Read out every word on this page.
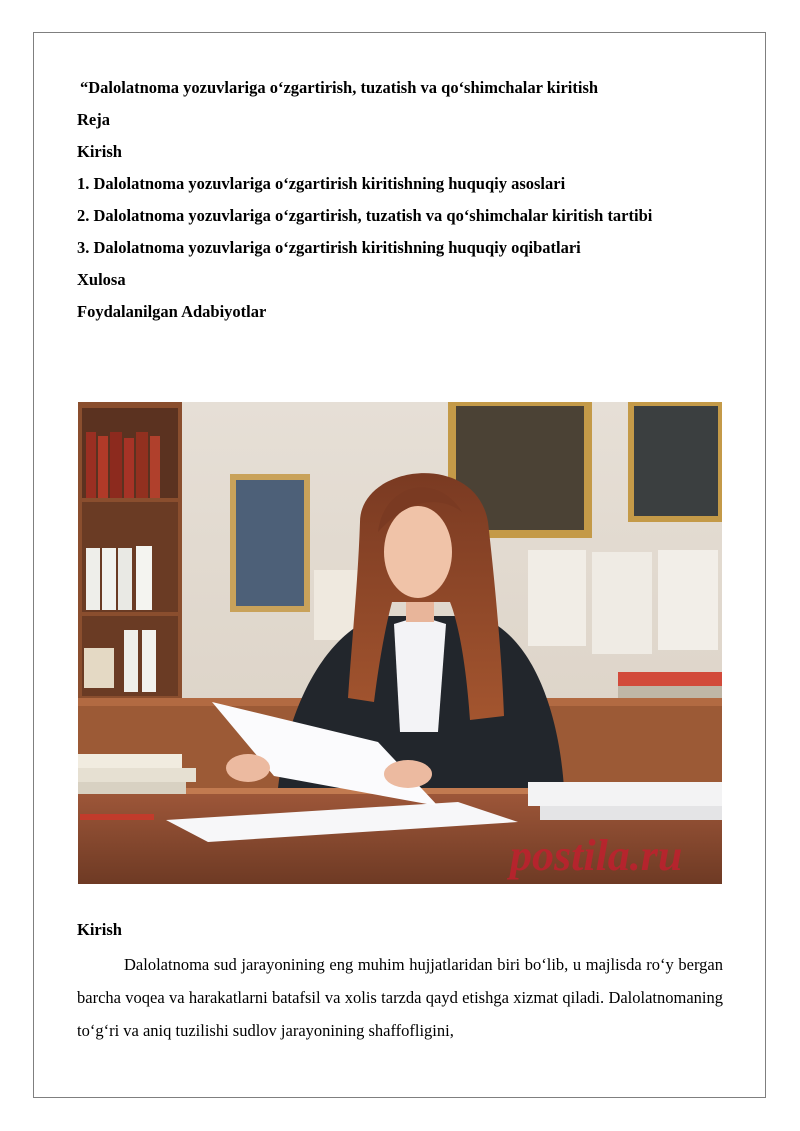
“Dalolatnoma yozuvlariga o‘zgartirish, tuzatish va qo‘shimchalar kiritish

Reja

Kirish

1. Dalolatnoma yozuvlariga o‘zgartirish kiritishning huquqiy asoslari

2. Dalolatnoma yozuvlariga o‘zgartirish, tuzatish va qo‘shimchalar kiritish tartibi

3. Dalolatnoma yozuvlariga o‘zgartirish kiritishning huquqiy oqibatlari

Xulosa

Foydalanilgan Adabiyotlar

postila.ru

Kirish

Dalolatnoma sud jarayonining eng muhim hujjatlaridan biri bo‘lib, u majlisda ro‘y bergan barcha voqea va harakatlarni batafsil va xolis tarzda qayd etishga xizmat qiladi. Dalolatnomaning to‘g‘ri va aniq tuzilishi sudlov jarayonining shaffofligini,
